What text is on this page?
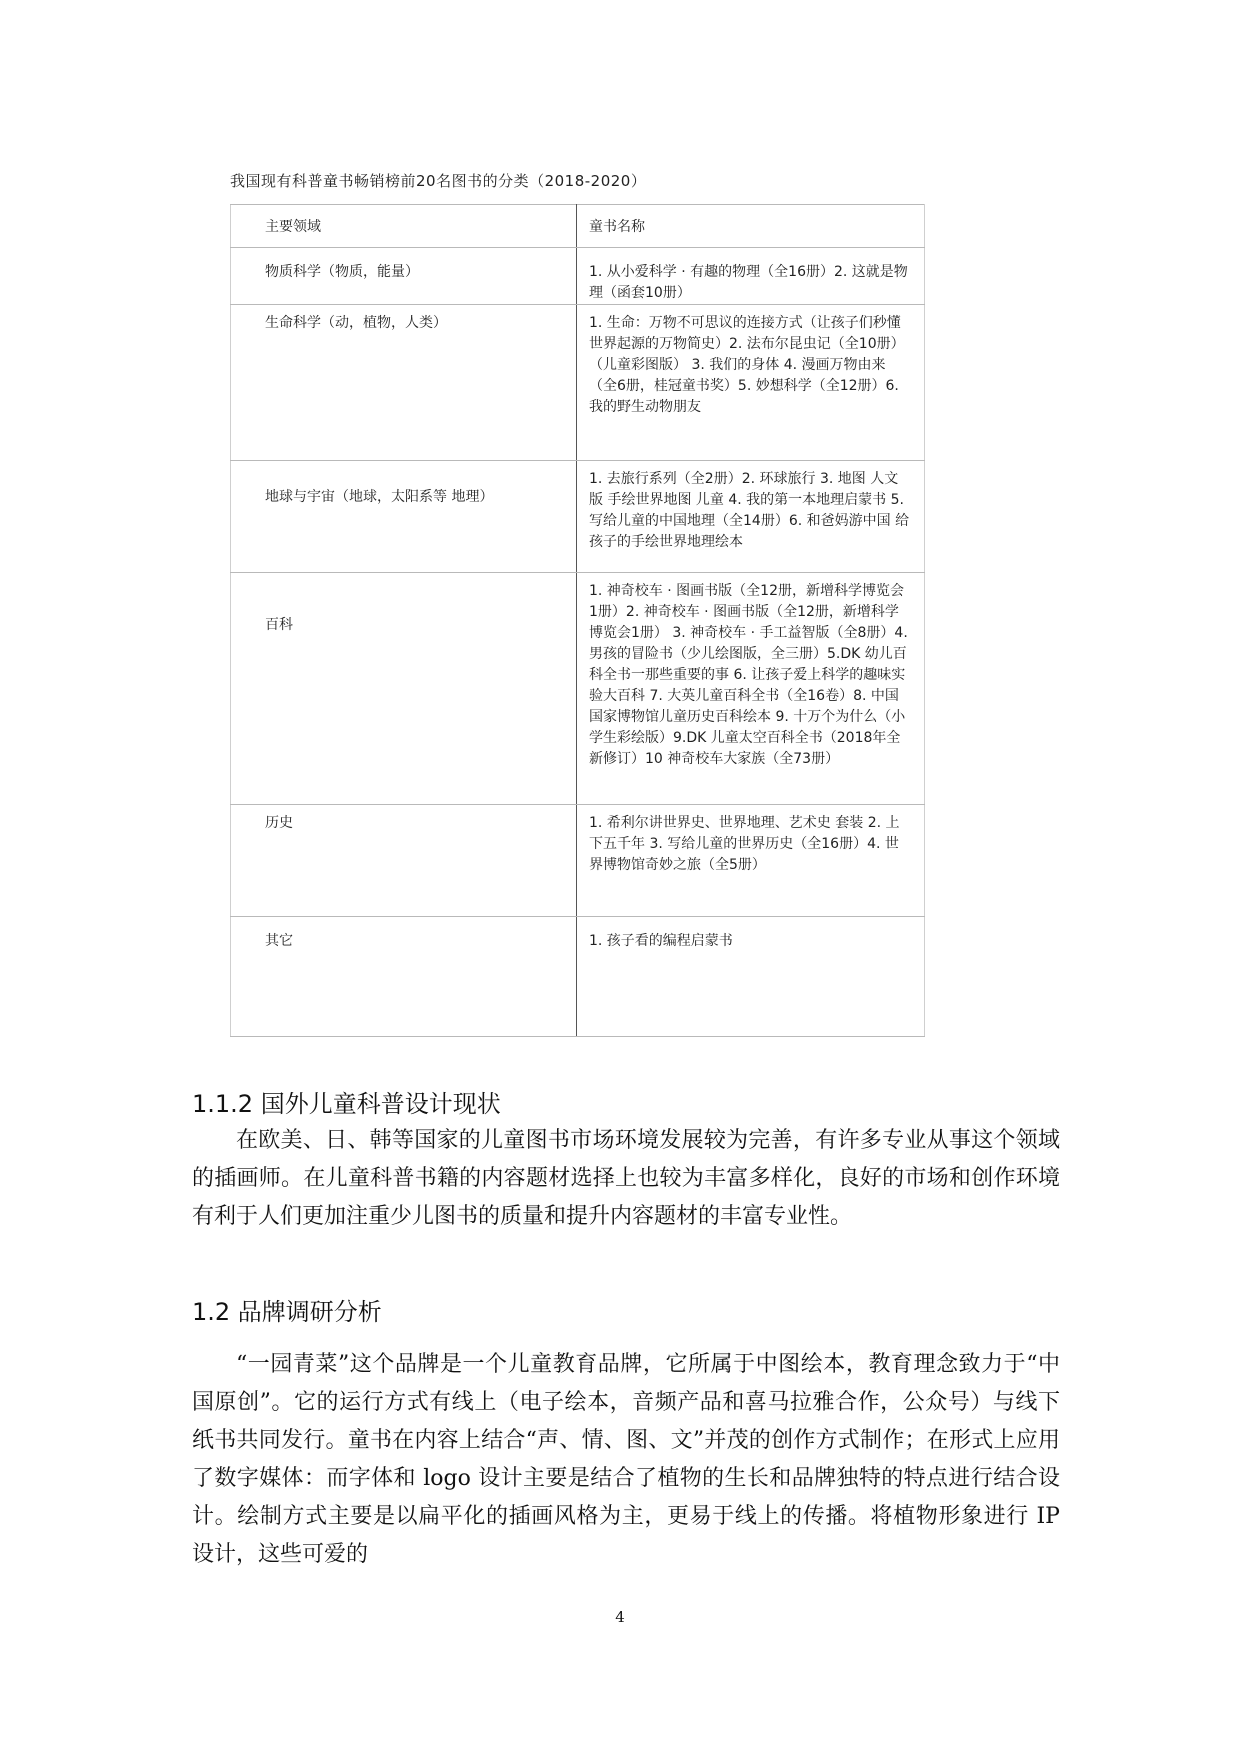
我国现有科普童书畅销榜前20名图书的分类（2018-2020）
主要领域	童书名称

物质科学（物质，能量）	1. 从小爱科学 · 有趣的物理（全16册）2. 这就是物理（函套10册）

生命科学（动，植物，人类）	1. 生命：万物不可思议的连接方式（让孩子们秒懂世界起源的万物简史）2. 法布尔昆虫记（全10册）（儿童彩图版） 3. 我们的身体 4. 漫画万物由来（全6册，桂冠童书奖）5. 妙想科学（全12册）6. 我的野生动物朋友

地球与宇宙（地球，太阳系等 地理）	1. 去旅行系列（全2册）2. 环球旅行 3. 地图 人文版 手绘世界地图 儿童 4. 我的第一本地理启蒙书 5. 写给儿童的中国地理（全14册）6. 和爸妈游中国 给孩子的手绘世界地理绘本

百科	1. 神奇校车 · 图画书版（全12册，新增科学博览会1册）2. 神奇校车 · 图画书版（全12册，新增科学博览会1册） 3. 神奇校车 · 手工益智版（全8册）4. 男孩的冒险书（少儿绘图版，全三册）5.DK 幼儿百科全书一那些重要的事 6. 让孩子爱上科学的趣味实验大百科 7. 大英儿童百科全书（全16卷）8. 中国国家博物馆儿童历史百科绘本 9. 十万个为什么（小学生彩绘版）9.DK 儿童太空百科全书（2018年全新修订）10 神奇校车大家族（全73册）

历史	1. 希利尔讲世界史、世界地理、艺术史 套装 2. 上下五千年 3. 写给儿童的世界历史（全16册）4. 世界博物馆奇妙之旅（全5册）

其它	1. 孩子看的编程启蒙书
1.1.2 国外儿童科普设计现状

在欧美、日、韩等国家的儿童图书市场环境发展较为完善，有许多专业从事这个领域的插画师。在儿童科普书籍的内容题材选择上也较为丰富多样化，良好的市场和创作环境有利于人们更加注重少儿图书的质量和提升内容题材的丰富专业性。

1.2 品牌调研分析

“一园青菜”这个品牌是一个儿童教育品牌，它所属于中图绘本，教育理念致力于“中国原创”。它的运行方式有线上（电子绘本，音频产品和喜马拉雅合作，公众号）与线下纸书共同发行。童书在内容上结合“声、情、图、文”并茂的创作方式制作；在形式上应用了数字媒体：而字体和 logo 设计主要是结合了植物的生长和品牌独特的特点进行结合设计。绘制方式主要是以扁平化的插画风格为主，更易于线上的传播。将植物形象进行 IP 设计，这些可爱的

4
